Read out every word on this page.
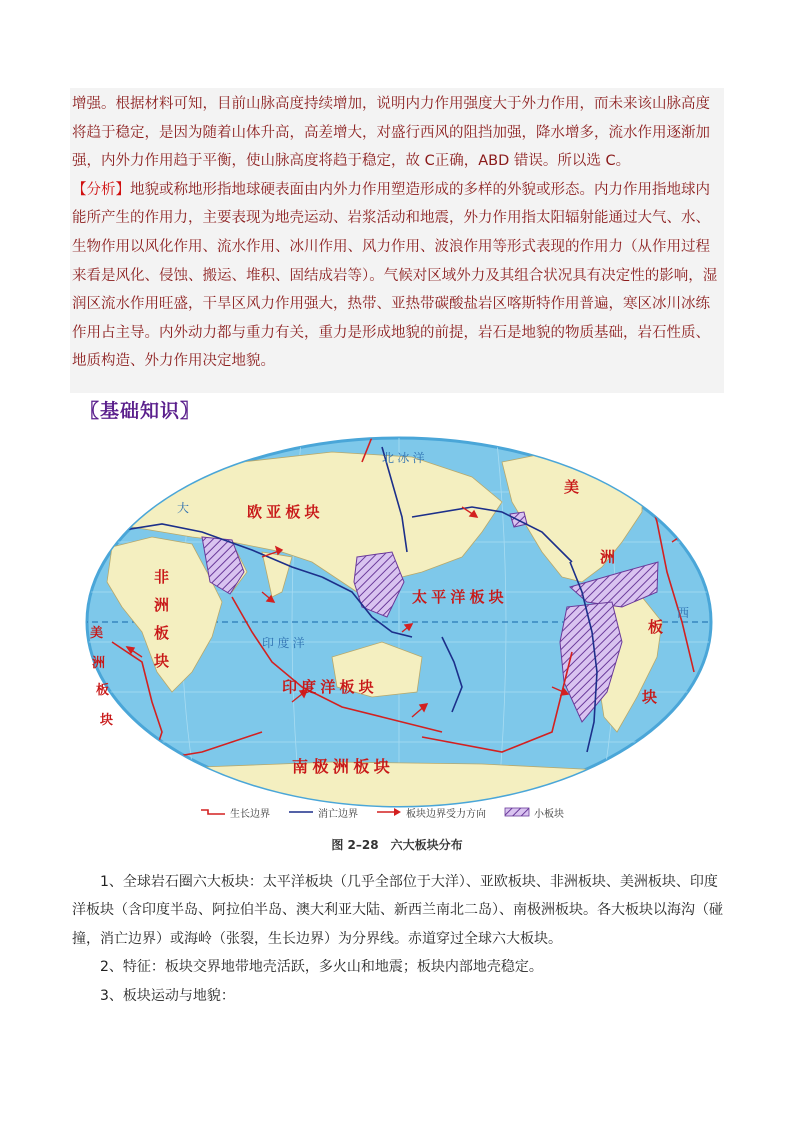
增强。根据材料可知，目前山脉高度持续增加，说明内力作用强度大于外力作用，而未来该山脉高度将趋于稳定，是因为随着山体升高，高差增大，对盛行西风的阻挡加强，降水增多，流水作用逐渐加强，内外力作用趋于平衡，使山脉高度将趋于稳定，故 C正确，ABD 错误。所以选 C。

【分析】地貌或称地形指地球硬表面由内外力作用塑造形成的多样的外貌或形态。内力作用指地球内能所产生的作用力，主要表现为地壳运动、岩浆活动和地震，外力作用指太阳辐射能通过大气、水、生物作用以风化作用、流水作用、冰川作用、风力作用、波浪作用等形式表现的作用力（从作用过程来看是风化、侵蚀、搬运、堆积、固结成岩等）。气候对区域外力及其组合状况具有决定性的影响，湿润区流水作用旺盛，干旱区风力作用强大，热带、亚热带碳酸盐岩区喀斯特作用普遍，寒区冰川冰练作用占主导。内外动力都与重力有关，重力是形成地貌的前提，岩石是地貌的物质基础，岩石性质、地质构造、外力作用决定地貌。

〖基础知识〗
欧 亚 板 块
太 平 洋 板 块
印 度 洋 板 块
南 极 洲 板 块
非
洲
板
块
美
洲
板
块
美
洲
板
块
北 冰 洋
印 度 洋
大
西
生长边界	消亡边界	板块边界受力方向	小板块
图 2–28　六大板块分布

1、全球岩石圈六大板块：太平洋板块（几乎全部位于大洋）、亚欧板块、非洲板块、美洲板块、印度洋板块（含印度半岛、阿拉伯半岛、澳大利亚大陆、新西兰南北二岛）、南极洲板块。各大板块以海沟（碰撞，消亡边界）或海岭（张裂，生长边界）为分界线。赤道穿过全球六大板块。

2、特征：板块交界地带地壳活跃，多火山和地震；板块内部地壳稳定。

3、板块运动与地貌：
